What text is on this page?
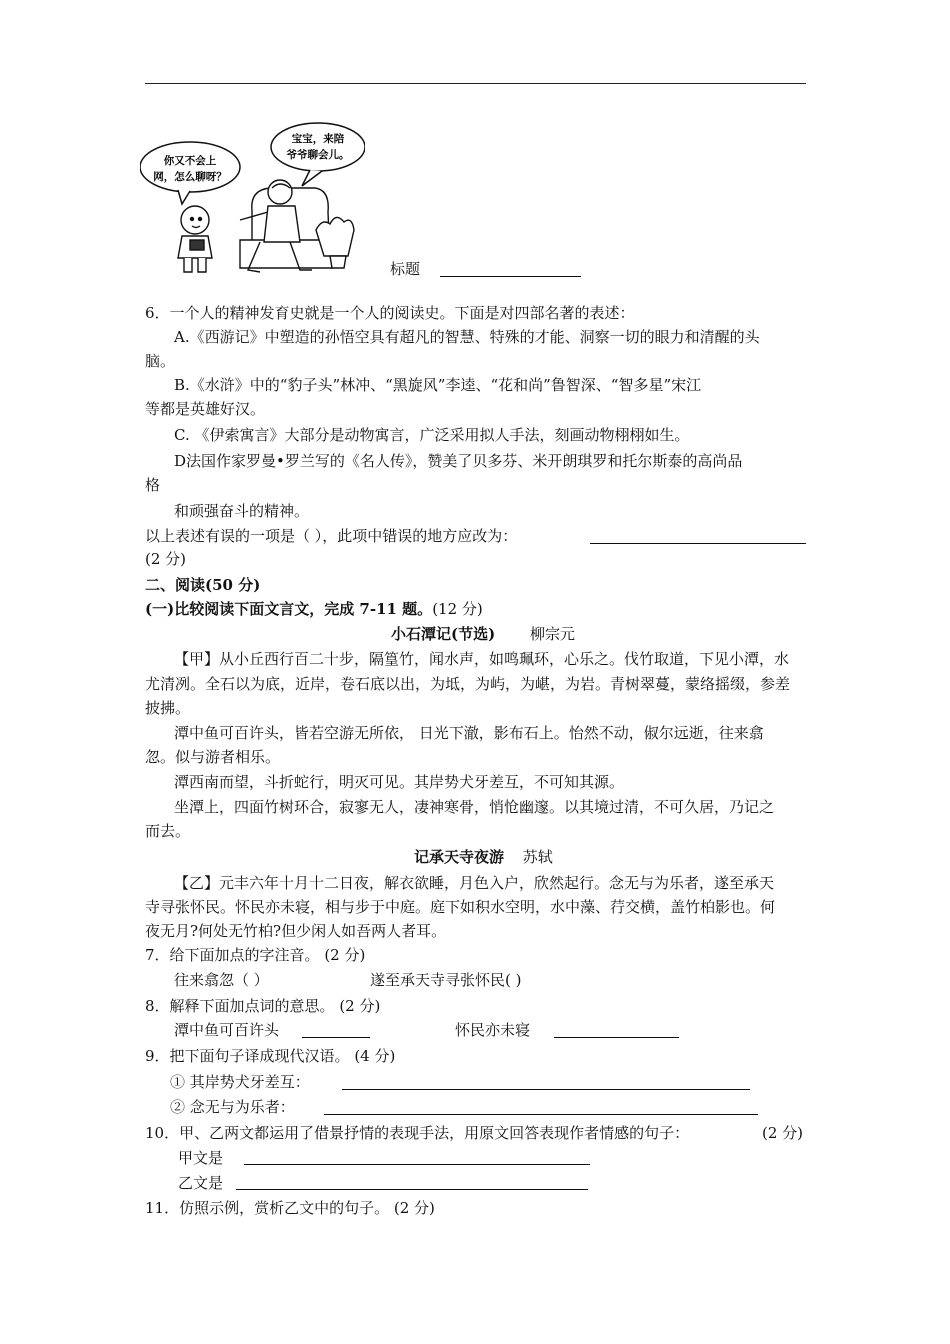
你又不会上
网，怎么聊呀？
宝宝，来陪
爷爷聊会儿。
标题
6．一个人的精神发育史就是一个人的阅读史。下面是对四部名著的表述：
A.《西游记》中塑造的孙悟空具有超凡的智慧、特殊的才能、洞察一切的眼力和清醒的头
脑。
B.《水浒》中的“豹子头”林冲、“黑旋风”李逵、“花和尚”鲁智深、“智多星”宋江
等都是英雄好汉。
C. 《伊索寓言》大部分是动物寓言，广泛采用拟人手法，刻画动物栩栩如生。
D法国作家罗曼•罗兰写的《名人传》，赞美了贝多芬、米开朗琪罗和托尔斯泰的高尚品
格
和顽强奋斗的精神。
以上表述有误的一项是（ ），此项中错误的地方应改为：
(2 分)
二、阅读(50 分)
(一)比较阅读下面文言文，完成 7-11 题。(12 分)
小石潭记(节选) 柳宗元
【甲】从小丘西行百二十步，隔篁竹，闻水声，如鸣珮环，心乐之。伐竹取道，下见小潭，水
尤清冽。全石以为底，近岸，卷石底以出，为坻，为屿，为嵁，为岩。青树翠蔓，蒙络摇缀，参差
披拂。
潭中鱼可百许头，皆若空游无所依， 日光下澈，影布石上。怡然不动，俶尔远逝，往来翕
忽。似与游者相乐。
潭西南而望，斗折蛇行，明灭可见。其岸势犬牙差互，不可知其源。
坐潭上，四面竹树环合，寂寥无人，凄神寒骨，悄怆幽邃。以其境过清，不可久居，乃记之
而去。
记承天寺夜游 苏轼
【乙】元丰六年十月十二日夜，解衣欲睡，月色入户，欣然起行。念无与为乐者，遂至承天
寺寻张怀民。怀民亦未寝，相与步于中庭。庭下如积水空明，水中藻、荇交横，盖竹柏影也。何
夜无月?何处无竹柏?但少闲人如吾两人者耳。
7．给下面加点的字注音。 (2 分)
往来翕忽（ ）	遂至承天寺寻张怀民( )
8．解释下面加点词的意思。 (2 分)
潭中鱼可百许头	怀民亦未寝
9．把下面句子译成现代汉语。 (4 分)
① 其岸势犬牙差互：
② 念无与为乐者：
10．甲、乙两文都运用了借景抒情的表现手法，用原文回答表现作者情感的句子：	(2 分)
甲文是
乙文是
11．仿照示例，赏析乙文中的句子。 (2 分)
